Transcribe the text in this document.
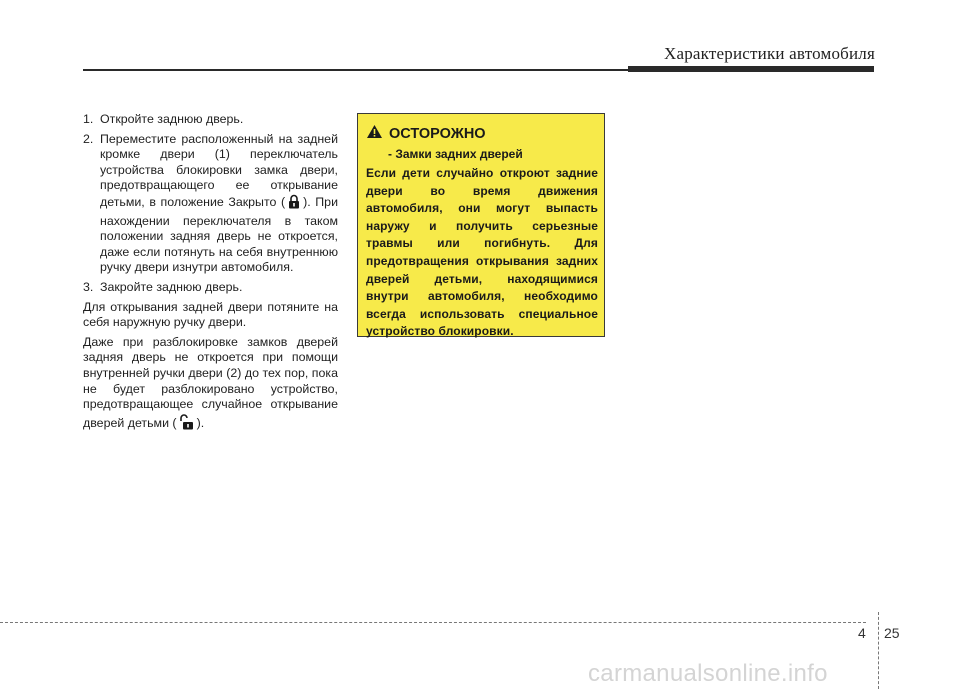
Характеристики автомобиля
1. Откройте заднюю дверь.
2. Переместите расположенный на задней кромке двери (1) переключатель устройства блокировки замка двери, предотвращающего ее открывание детьми, в положение Закрыто ( ). При нахождении переключателя в таком положении задняя дверь не откроется, даже если потянуть на себя внутреннюю ручку двери изнутри автомобиля.
3. Закройте заднюю дверь.

Для открывания задней двери потяните на себя наружную ручку двери.

Даже при разблокировке замков дверей задняя дверь не откроется при помощи внутренней ручки двери (2) до тех пор, пока не будет разблокировано устройство, предотвращающее случайное открывание дверей детьми ( ).

ОСТОРОЖНО
- Замки задних дверей
Если дети случайно откроют задние двери во время движения автомобиля, они могут выпасть наружу и получить серьезные травмы или погибнуть. Для предотвращения открывания задних дверей детьми, находящимися внутри автомобиля, необходимо всегда использовать специальное устройство блокировки.
4 25
carmanualsonline.info
